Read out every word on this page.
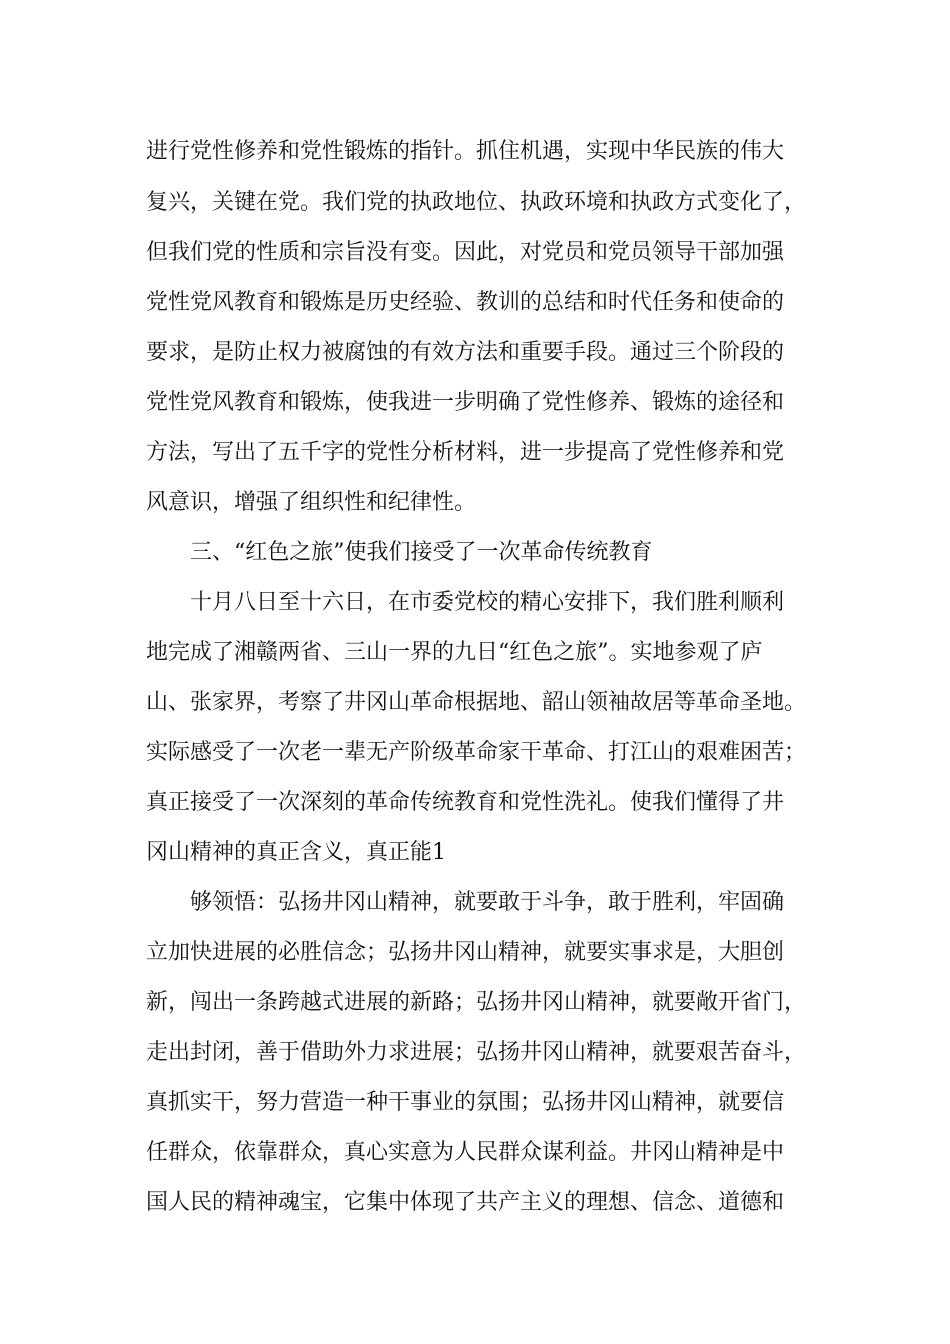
进行党性修养和党性锻炼的指针。抓住机遇，实现中华民族的伟大
复兴，关键在党。我们党的执政地位、执政环境和执政方式变化了，
但我们党的性质和宗旨没有变。因此，对党员和党员领导干部加强
党性党风教育和锻炼是历史经验、教训的总结和时代任务和使命的
要求，是防止权力被腐蚀的有效方法和重要手段。通过三个阶段的
党性党风教育和锻炼，使我进一步明确了党性修养、锻炼的途径和
方法，写出了五千字的党性分析材料，进一步提高了党性修养和党
风意识，增强了组织性和纪律性。
三、“红色之旅”使我们接受了一次革命传统教育
十月八日至十六日，在市委党校的精心安排下，我们胜利顺利
地完成了湘赣两省、三山一界的九日“红色之旅”。实地参观了庐
山、张家界，考察了井冈山革命根据地、韶山领袖故居等革命圣地。
实际感受了一次老一辈无产阶级革命家干革命、打江山的艰难困苦；
真正接受了一次深刻的革命传统教育和党性洗礼。使我们懂得了井
冈山精神的真正含义，真正能1
够领悟：弘扬井冈山精神，就要敢于斗争，敢于胜利，牢固确
立加快进展的必胜信念；弘扬井冈山精神，就要实事求是，大胆创
新，闯出一条跨越式进展的新路；弘扬井冈山精神，就要敞开省门，
走出封闭，善于借助外力求进展；弘扬井冈山精神，就要艰苦奋斗，
真抓实干，努力营造一种干事业的氛围；弘扬井冈山精神，就要信
任群众，依靠群众，真心实意为人民群众谋利益。井冈山精神是中
国人民的精神魂宝，它集中体现了共产主义的理想、信念、道德和
